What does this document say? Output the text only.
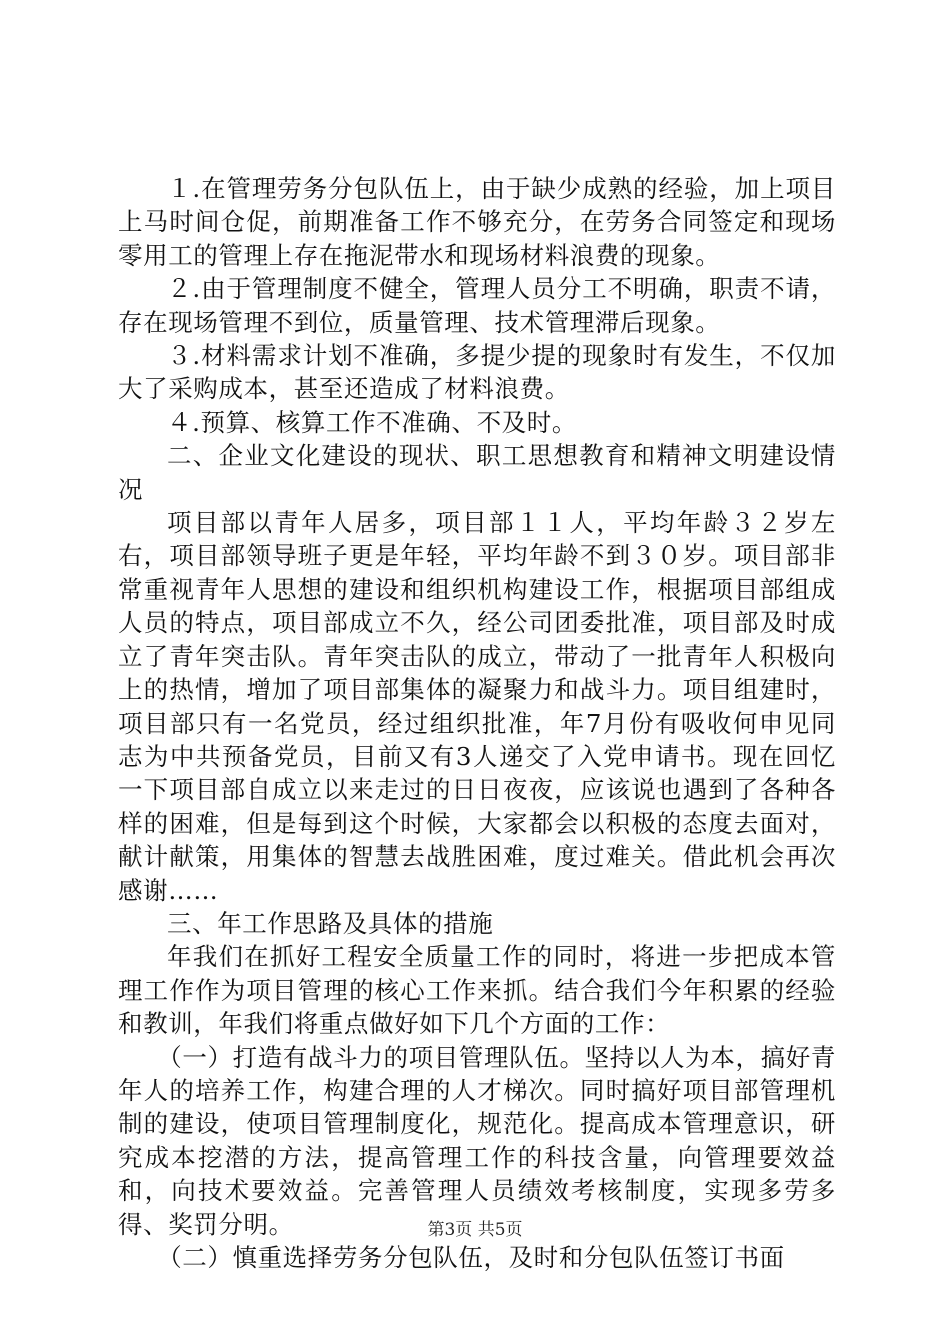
１.在管理劳务分包队伍上，由于缺少成熟的经验，加上项目上马时间仓促，前期准备工作不够充分，在劳务合同签定和现场零用工的管理上存在拖泥带水和现场材料浪费的现象。

２.由于管理制度不健全，管理人员分工不明确，职责不请，存在现场管理不到位，质量管理、技术管理滞后现象。

３.材料需求计划不准确，多提少提的现象时有发生，不仅加大了采购成本，甚至还造成了材料浪费。

４.预算、核算工作不准确、不及时。

二、企业文化建设的现状、职工思想教育和精神文明建设情况

项目部以青年人居多，项目部１１人，平均年龄３２岁左右，项目部领导班子更是年轻，平均年龄不到３０岁。项目部非常重视青年人思想的建设和组织机构建设工作，根据项目部组成人员的特点，项目部成立不久，经公司团委批准，项目部及时成立了青年突击队。青年突击队的成立，带动了一批青年人积极向上的热情，增加了项目部集体的凝聚力和战斗力。项目组建时，项目部只有一名党员，经过组织批准，年7月份有吸收何申见同志为中共预备党员，目前又有3人递交了入党申请书。现在回忆一下项目部自成立以来走过的日日夜夜，应该说也遇到了各种各样的困难，但是每到这个时候，大家都会以积极的态度去面对，献计献策，用集体的智慧去战胜困难，度过难关。借此机会再次感谢……

三、年工作思路及具体的措施

年我们在抓好工程安全质量工作的同时，将进一步把成本管理工作作为项目管理的核心工作来抓。结合我们今年积累的经验和教训，年我们将重点做好如下几个方面的工作：

（一）打造有战斗力的项目管理队伍。坚持以人为本，搞好青年人的培养工作，构建合理的人才梯次。同时搞好项目部管理机制的建设，使项目管理制度化，规范化。提高成本管理意识，研究成本挖潜的方法，提高管理工作的科技含量，向管理要效益和，向技术要效益。完善管理人员绩效考核制度，实现多劳多得、奖罚分明。

（二）慎重选择劳务分包队伍，及时和分包队伍签订书面

第3页 共5页
